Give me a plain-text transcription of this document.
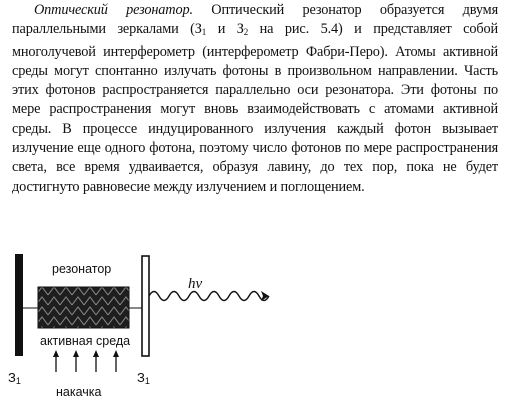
Оптический резонатор. Оптический резонатор образуется двумя параллельными зеркалами ($З_1$ и $З_2$ на рис. 5.4) и представляет собой многолучевой интерферометр (интерферометр Фабри-Перо). Атомы активной среды могут спонтанно излучать фотоны в произвольном направлении. Часть этих фотонов распространяется параллельно оси резонатора. Эти фотоны по мере распространения могут вновь взаимодействовать с атомами активной среды. В процессе индуцированного излучения каждый фотон вызывает излучение еще одного фотона, поэтому число фотонов по мере распространения света, все время удваивается, образуя лавину, до тех пор, пока не будет достигнуто равновесие между излучением и поглощением.

резонатор
активная среда
накачка
hν
$З_1$	$З_1$
